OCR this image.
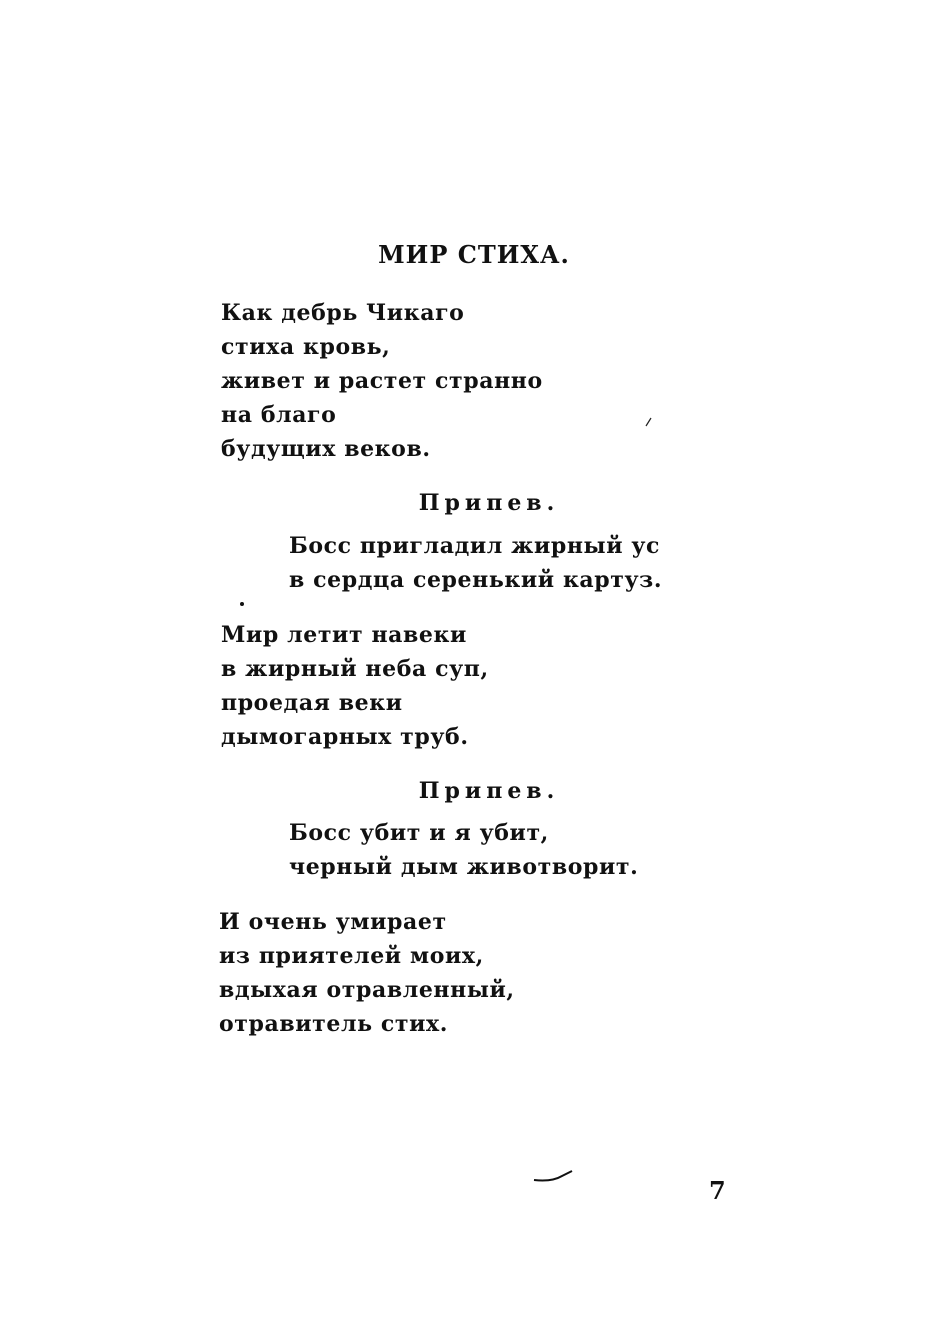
МИР СТИХА.
Как дебрь Чикаго
стиха кровь,
живет и растет странно
на благо
будущих веков.
Припев.
Босс пригладил жирный ус
в сердца серенький картуз.
Мир летит навеки
в жирный неба суп,
проедая веки
дымогарных труб.
Припев.
Босс убит и я убит,
черный дым животворит.
И очень умирает
из приятелей моих,
вдыхая отравленный,
отравитель стих.
7
